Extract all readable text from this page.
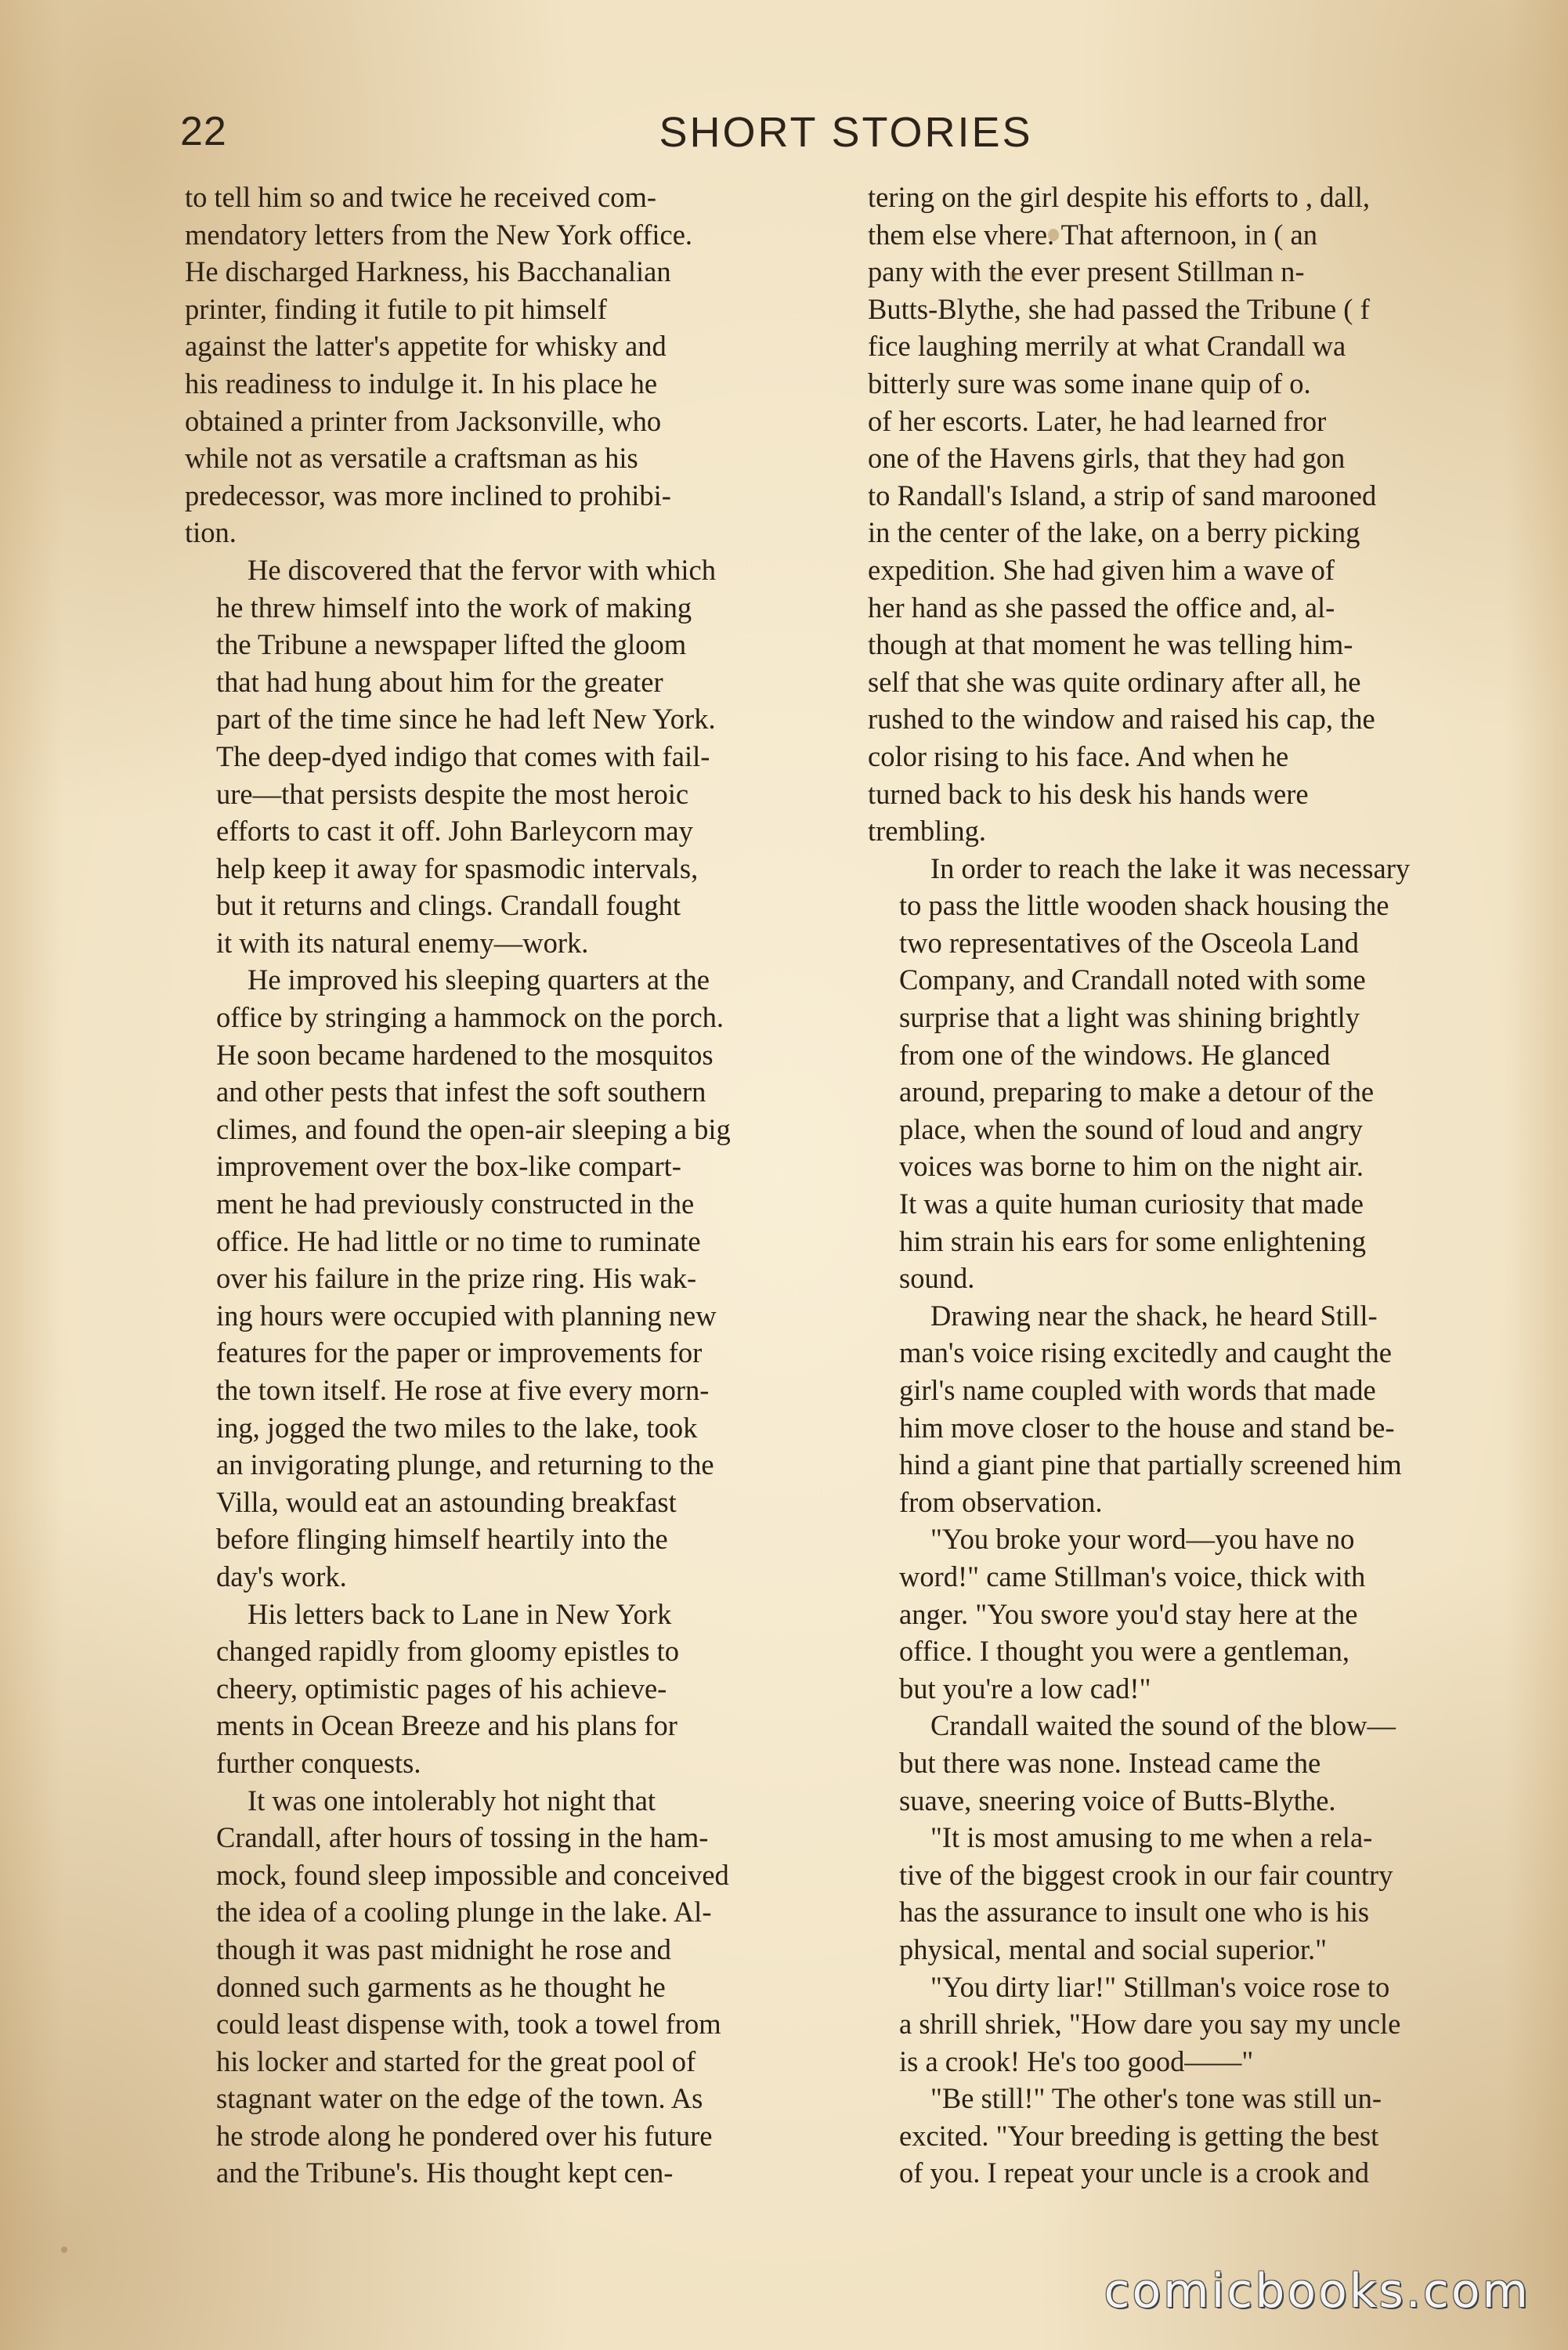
22	SHORT STORIES

to tell him so and twice he received com-
mendatory letters from the New York office.
He discharged Harkness, his Bacchanalian
printer, finding it futile to pit himself
against the latter's appetite for whisky and
his readiness to indulge it. In his place he
obtained a printer from Jacksonville, who
while not as versatile a craftsman as his
predecessor, was more inclined to prohibi-
tion.

He discovered that the fervor with which
he threw himself into the work of making
the Tribune a newspaper lifted the gloom
that had hung about him for the greater
part of the time since he had left New York.
The deep-dyed indigo that comes with fail-
ure—that persists despite the most heroic
efforts to cast it off. John Barleycorn may
help keep it away for spasmodic intervals,
but it returns and clings. Crandall fought
it with its natural enemy—work.

He improved his sleeping quarters at the
office by stringing a hammock on the porch.
He soon became hardened to the mosquitos
and other pests that infest the soft southern
climes, and found the open-air sleeping a big
improvement over the box-like compart-
ment he had previously constructed in the
office. He had little or no time to ruminate
over his failure in the prize ring. His wak-
ing hours were occupied with planning new
features for the paper or improvements for
the town itself. He rose at five every morn-
ing, jogged the two miles to the lake, took
an invigorating plunge, and returning to the
Villa, would eat an astounding breakfast
before flinging himself heartily into the
day's work.

His letters back to Lane in New York
changed rapidly from gloomy epistles to
cheery, optimistic pages of his achieve-
ments in Ocean Breeze and his plans for
further conquests.

It was one intolerably hot night that
Crandall, after hours of tossing in the ham-
mock, found sleep impossible and conceived
the idea of a cooling plunge in the lake. Al-
though it was past midnight he rose and
donned such garments as he thought he
could least dispense with, took a towel from
his locker and started for the great pool of
stagnant water on the edge of the town. As
he strode along he pondered over his future
and the Tribune's. His thought kept cen-

tering on the girl despite his efforts to , dall,
them else vhere. That afternoon, in ( an
pany with the ever present Stillman n-
Butts-Blythe, she had passed the Tribune ( f
fice laughing merrily at what Crandall wa
bitterly sure was some inane quip of o.
of her escorts. Later, he had learned fror
one of the Havens girls, that they had gon
to Randall's Island, a strip of sand marooned
in the center of the lake, on a berry picking
expedition. She had given him a wave of
her hand as she passed the office and, al-
though at that moment he was telling him-
self that she was quite ordinary after all, he
rushed to the window and raised his cap, the
color rising to his face. And when he
turned back to his desk his hands were
trembling.

In order to reach the lake it was necessary
to pass the little wooden shack housing the
two representatives of the Osceola Land
Company, and Crandall noted with some
surprise that a light was shining brightly
from one of the windows. He glanced
around, preparing to make a detour of the
place, when the sound of loud and angry
voices was borne to him on the night air.
It was a quite human curiosity that made
him strain his ears for some enlightening
sound.

Drawing near the shack, he heard Still-
man's voice rising excitedly and caught the
girl's name coupled with words that made
him move closer to the house and stand be-
hind a giant pine that partially screened him
from observation.

"You broke your word—you have no
word!" came Stillman's voice, thick with
anger. "You swore you'd stay here at the
office. I thought you were a gentleman,
but you're a low cad!"

Crandall waited the sound of the blow—
but there was none. Instead came the
suave, sneering voice of Butts-Blythe.

"It is most amusing to me when a rela-
tive of the biggest crook in our fair country
has the assurance to insult one who is his
physical, mental and social superior."

"You dirty liar!" Stillman's voice rose to
a shrill shriek, "How dare you say my uncle
is a crook! He's too good——"

"Be still!" The other's tone was still un-
excited. "Your breeding is getting the best
of you. I repeat your uncle is a crook and

comicbooks.com
